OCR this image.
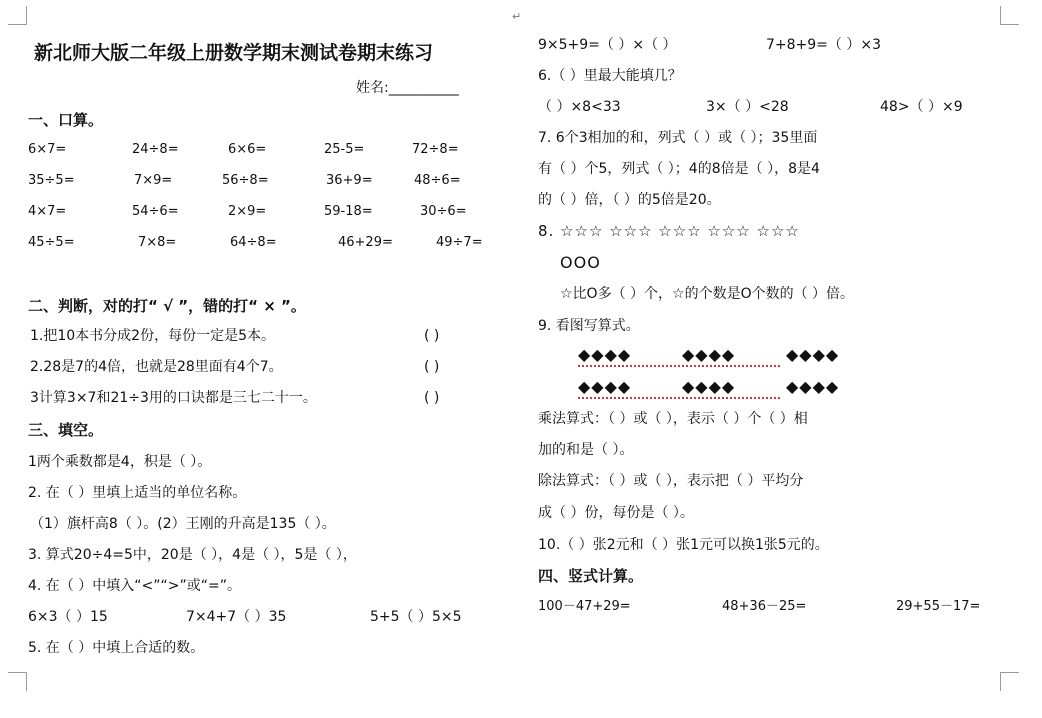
↵
新北师大版二年级上册数学期末测试卷期末练习
姓名:__________
一、口算。
6×7=	24÷8=	6×6=	25-5=	72÷8=
35÷5=	7×9=	56÷8=	36+9=	48÷6=
4×7=	54÷6=	2×9=	59-18=	30÷6=
45÷5=	7×8=	64÷8=	46+29=	49÷7=
二、判断，对的打“ √ ”，错的打“ × ”。
1.把10本书分成2份，每份一定是5本。	( )
2.28是7的4倍，也就是28里面有4个7。	( )
3计算3×7和21÷3用的口诀都是三七二十一。	( )
三、填空。
1两个乘数都是4，积是（ ）。
2. 在（ ）里填上适当的单位名称。
（1）旗杆高8（ ）。(2）王刚的升高是135（ ）。
3. 算式20÷4=5中，20是（ ），4是（ ），5是（ ），
4. 在（ ）中填入“<”“>”或“=”。
6×3（ ）15	7×4+7（ ）35	5+5（ ）5×5
5. 在（ ）中填上合适的数。
9×5+9=（ ）×（ ）	7+8+9=（ ）×3
6.（ ）里最大能填几？
（ ）×8<33	3×（ ）<28	48>（ ）×9
7. 6个3相加的和，列式（ ）或（ ）；35里面
有（ ）个5，列式（ ）；4的8倍是（ ），8是4
的（ ）倍，（ ）的5倍是20。
8. ☆☆☆ ☆☆☆ ☆☆☆ ☆☆☆ ☆☆☆
OOO
☆比O多（ ）个，☆的个数是O个数的（ ）倍。
9. 看图写算式。
◆◆◆◆	◆◆◆◆	◆◆◆◆
◆◆◆◆	◆◆◆◆	◆◆◆◆
乘法算式：（ ）或（ ），表示（ ）个（ ）相
加的和是（ ）。
除法算式：（ ）或（ ），表示把（ ）平均分
成（ ）份，每份是（ ）。
10.（ ）张2元和（ ）张1元可以换1张5元的。
四、竖式计算。
100－47+29=	48+36－25=	29+55－17=
